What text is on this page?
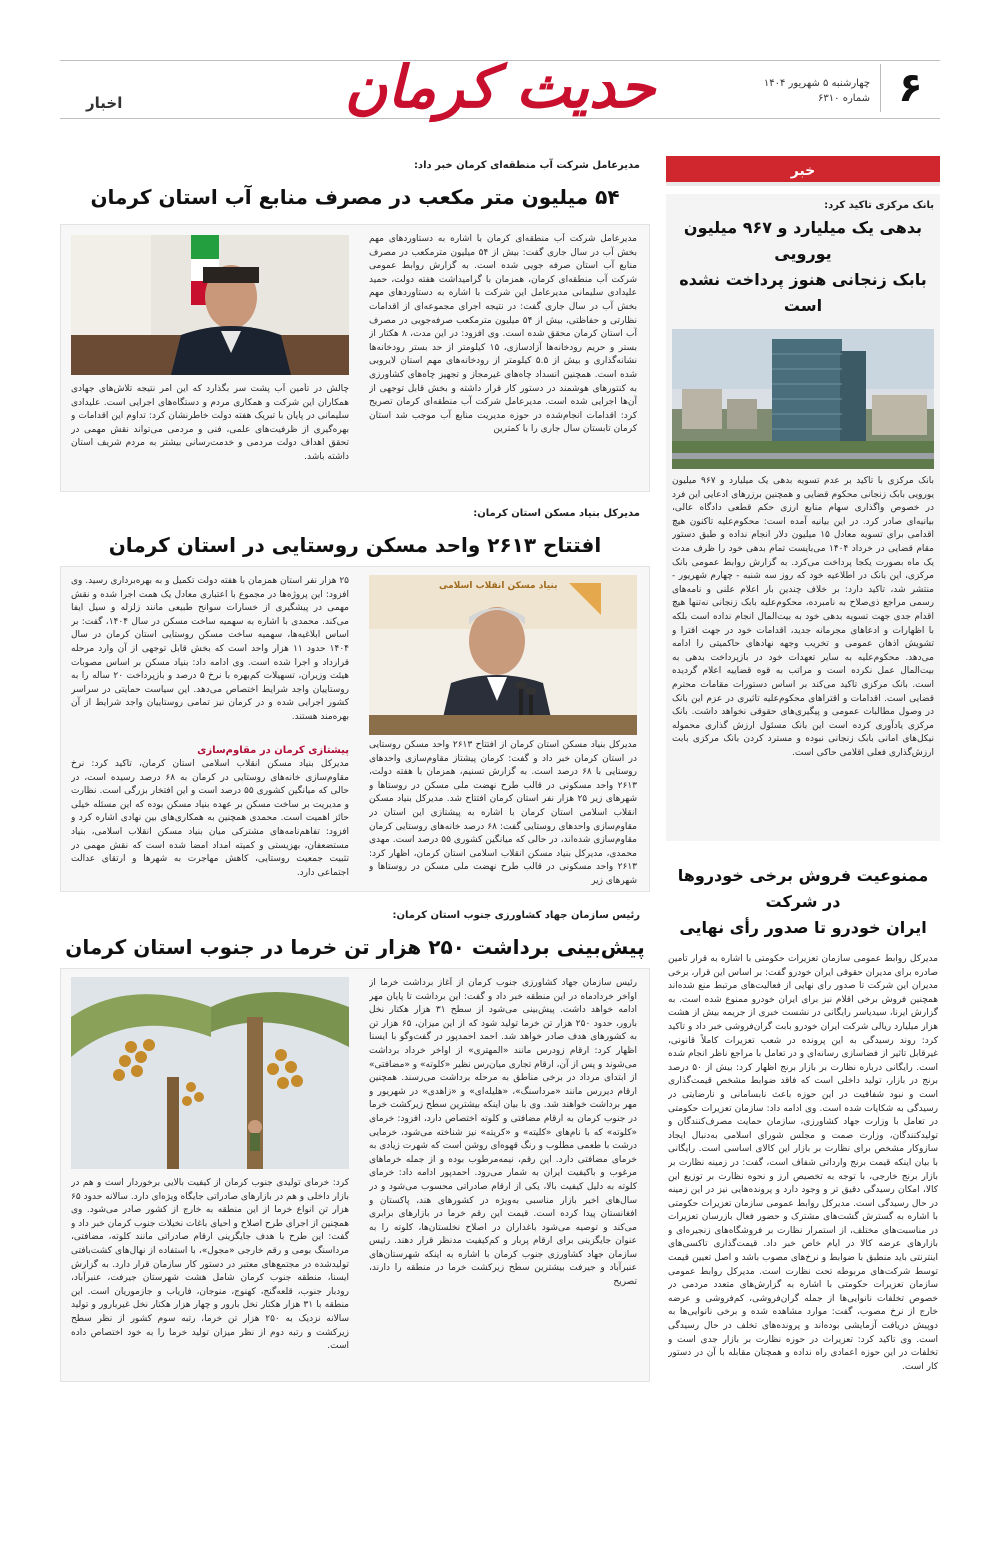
۶
چهارشنبه ۵ شهریور ۱۴۰۴
شماره ۶۳۱۰
حدیث کرمان
اخبار
خبر

بانک مرکزی تاکید کرد:

بدهی یک میلیارد و ۹۶۷ میلیون یورویی

بابک زنجانی هنوز پرداخت نشده است

بانک مرکزی با تاکید بر عدم تسویه بدهی یک میلیارد و ۹۶۷ میلیون یورویی بابک زنجانی محکوم قضایی و همچنین برزرهای ادعایی این فرد در خصوص واگذاری سهام منابع ارزی حکم قطعی دادگاه عالی، بیانیه‌ای صادر کرد. در این بیانیه آمده است: محکوم‌علیه تاکنون هیچ اقدامی برای تسویه معادل ۱۵ میلیون دلار انجام نداده و طبق دستور مقام قضایی در خرداد ۱۴۰۴ می‌بایست تمام بدهی خود را ظرف مدت یک ماه بصورت یکجا پرداخت می‌کرد. به گزارش روابط عمومی بانک مرکزی، این بانک در اطلاعیه خود که روز سه شنبه - چهارم شهریور - منتشر شد، تاکید دارد: بر خلاف چندین بار اعلام علنی و نامه‌های رسمی مراجع ذی‌صلاح به نامبرده، محکوم‌علیه بابک زنجانی نه‌تنها هیچ اقدام جدی جهت تسویه بدهی خود به بیت‌المال انجام نداده است بلکه با اظهارات و ادعاهای مجرمانه جدید، اقدامات خود در جهت افترا و تشویش اذهان عمومی و تخریب وجهه نهادهای حاکمیتی را ادامه می‌دهد. محکوم‌علیه به سایر تعهدات خود در بازپرداخت بدهی به بیت‌المال عمل نکرده است و مراتب به قوه قضاییه اعلام گردیده است. بانک مرکزی تاکید می‌کند بر اساس دستورات مقامات محترم قضایی است. اقدامات و اقتراهای محکوم‌علیه تاثیری در عزم این بانک در وصول مطالبات عمومی و پیگیری‌های حقوقی نخواهد داشت. بانک مرکزی یادآوری کرده است این بانک مسئول ارزش گذاری محموله نیکل‌های امانی بابک زنجانی نبوده و مسترد کردن بانک مرکزی بابت ارزش‌گذاری فعلی اقلامی حاکی است.

ممنوعیت فروش برخی خودروها در شرکت

ایران خودرو تا صدور رأی نهایی

مدیرکل روابط عمومی سازمان تعزیرات حکومتی با اشاره به قرار تأمین صادره برای مدیران حقوقی ایران خودرو گفت: بر اساس این قرار، برخی مدیران این شرکت تا صدور رای نهایی از فعالیت‌های مرتبط منع شده‌اند همچنین فروش برخی اقلام نیز برای ایران خودرو ممنوع شده است. به گزارش ایرنا، سیدیاسر رایگانی در نشست خبری از جریمه بیش از هشت هزار میلیارد ریالی شرکت ایران خودرو بابت گران‌فروشی خبر داد و تاکید کرد: روند رسیدگی به این پرونده در شعب تعزیرات کاملاً قانونی، غیرقابل تاثیر از فضاسازی رسانه‌ای و در تعامل با مراجع ناظر انجام شده است. رایگانی درباره نظارت بر بازار برنج اظهار کرد: بیش از ۵۰ درصد برنج در بازار، تولید داخلی است که فاقد ضوابط مشخص قیمت‌گذاری است و نبود شفافیت در این حوزه باعث نابسامانی و نارضایتی در رسیدگی به شکایات شده است. وی ادامه داد: سازمان تعزیرات حکومتی در تعامل با وزارت جهاد کشاورزی، سازمان حمایت مصرف‌کنندگان و تولیدکنندگان، وزارت صمت و مجلس شورای اسلامی به‌دنبال ایجاد سازوکار مشخص برای نظارت بر بازار این کالای اساسی است. رایگانی با بیان اینکه قیمت برنج وارداتی شفاف است، گفت: در زمینه نظارت بر بازار برنج خارجی، با توجه به تخصیص ارز و نحوه نظارت بر توزیع این کالا، امکان رسیدگی دقیق تر و وجود دارد و پرونده‌هایی نیز در این زمینه در حال رسیدگی است. مدیرکل روابط عمومی سازمان تعزیرات حکومتی با اشاره به گسترش گشت‌های مشترک و حضور فعال بازرسان تعزیرات در مناسبت‌های مختلف، از استمرار نظارت بر فروشگاه‌های زنجیره‌ای و بازارهای عرضه کالا در ایام خاص خبر داد. قیمت‌گذاری تاکسی‌های اینترنتی باید منطبق با ضوابط و نرخ‌های مصوب باشد و اصل تعیین قیمت توسط شرکت‌های مربوطه تحت نظارت است. مدیرکل روابط عمومی سازمان تعزیرات حکومتی با اشاره به گزارش‌های متعدد مردمی در خصوص تخلفات نانوایی‌ها از جمله گران‌فروشی، کم‌فروشی و عرضه خارج از نرخ مصوب، گفت: موارد مشاهده شده و برخی نانوایی‌ها به دوپیش دریافت آزمایشی بوده‌اند و پرونده‌های تخلف در حال رسیدگی است. وی تاکید کرد: تعزیرات در حوزه نظارت بر بازار جدی است و تخلفات در این حوزه اعمادی راه نداده و همچنان مقابله با آن در دستور کار است.

مدیرعامل شرکت آب منطقه‌ای کرمان خبر داد:

۵۴ میلیون متر مکعب در مصرف منابع آب استان کرمان

مدیرعامل شرکت آب منطقه‌ای کرمان با اشاره به دستاوردهای مهم بخش آب در سال جاری گفت: بیش از ۵۴ میلیون مترمکعب در مصرف منابع آب استان صرفه جویی شده است. به گزارش روابط عمومی شرکت آب منطقه‌ای کرمان، همزمان با گرامیداشت هفته دولت، حمید علیدادی سلیمانی مدیرعامل این شرکت با اشاره به دستاوردهای مهم بخش آب در سال جاری گفت: در نتیجه اجرای مجموعه‌ای از اقدامات نظارتی و حفاظتی، بیش از ۵۴ میلیون مترمکعب صرفه‌جویی در مصرف آب استان کرمان محقق شده است. وی افزود: در این مدت، ۸ هکتار از بستر و حریم رودخانه‌ها آزادسازی، ۱۵ کیلومتر از حد بستر رودخانه‌ها نشانه‌گذاری و بیش از ۵.۵ کیلومتر از رودخانه‌های مهم استان لایروبی شده است. همچنین انسداد چاه‌های غیرمجاز و تجهیز چاه‌های کشاورزی به کنتورهای هوشمند در دستور کار قرار داشته و بخش قابل توجهی از آن‌ها اجرایی شده است. مدیرعامل شرکت آب منطقه‌ای کرمان تصریح کرد: اقدامات انجام‌شده در حوزه مدیریت منابع آب موجب شد استان کرمان تابستان سال جاری را با کمترین

چالش در تأمین آب پشت سر بگذارد که این امر نتیجه تلاش‌های جهادی همکاران این شرکت و همکاری مردم و دستگاه‌های اجرایی است. علیدادی سلیمانی در پایان با تبریک هفته دولت خاطرنشان کرد: تداوم این اقدامات و بهره‌گیری از ظرفیت‌های علمی، فنی و مردمی می‌تواند نقش مهمی در تحقق اهداف دولت مردمی و خدمت‌رسانی بیشتر به مردم شریف استان داشته باشد.

مدیرکل بنیاد مسکن استان کرمان:

افتتاح ۲۶۱۳ واحد مسکن روستایی در استان کرمان

بنیاد مسکن انقلاب اسلامی

مدیرکل بنیاد مسکن استان کرمان از افتتاح ۲۶۱۳ واحد مسکن روستایی در استان کرمان خبر داد و گفت: کرمان پیشتاز مقاوم‌سازی واحدهای روستایی با ۶۸ درصد است. به گزارش تسنیم، همزمان با هفته دولت، ۲۶۱۳ واحد مسکونی در قالب طرح نهضت ملی مسکن در روستاها و شهرهای زیر ۲۵ هزار نفر استان کرمان افتتاح شد. مدیرکل بنیاد مسکن انقلاب اسلامی استان کرمان با اشاره به پیشتازی این استان در مقاوم‌سازی واحدهای روستایی گفت: ۶۸ درصد خانه‌های روستایی کرمان مقاوم‌سازی شده‌اند، در حالی که میانگین کشوری ۵۵ درصد است. مهدی محمدی، مدیرکل بنیاد مسکن انقلاب اسلامی استان کرمان، اظهار کرد: ۲۶۱۳ واحد مسکونی در قالب طرح نهضت ملی مسکن در روستاها و شهرهای زیر

۲۵ هزار نفر استان همزمان با هفته دولت تکمیل و به بهره‌برداری رسید. وی افزود: این پروژه‌ها در مجموع با اعتباری معادل یک همت اجرا شده و نقش مهمی در پیشگیری از خسارات سوانح طبیعی مانند زلزله و سیل ایفا می‌کند. محمدی با اشاره به سهمیه ساخت مسکن در سال ۱۴۰۴، گفت: بر اساس ابلاغیه‌ها، سهمیه ساخت مسکن روستایی استان کرمان در سال ۱۴۰۴ حدود ۱۱ هزار واحد است که بخش قابل توجهی از آن وارد مرحله قرارداد و اجرا شده است. وی ادامه داد: بنیاد مسکن بر اساس مصوبات هیئت وزیران، تسهیلات کم‌بهره با نرخ ۵ درصد و بازپرداخت ۲۰ ساله را به روستاییان واجد شرایط اختصاص می‌دهد. این سیاست حمایتی در سراسر کشور اجرایی شده و در کرمان نیز تمامی روستاییان واجد شرایط از آن بهره‌مند هستند.

پیشتازی کرمان در مقاوم‌سازی

مدیرکل بنیاد مسکن انقلاب اسلامی استان کرمان، تاکید کرد: نرخ مقاوم‌سازی خانه‌های روستایی در کرمان به ۶۸ درصد رسیده است، در حالی که میانگین کشوری ۵۵ درصد است و این افتخار بزرگی است. نظارت و مدیریت بر ساخت مسکن بر عهده بنیاد مسکن بوده که این مسئله خیلی حائز اهمیت است. محمدی همچنین به همکاری‌های بین نهادی اشاره کرد و افزود: تفاهم‌نامه‌های مشترکی میان بنیاد مسکن انقلاب اسلامی، بنیاد مستضعفان، بهزیستی و کمیته امداد امضا شده است که نقش مهمی در تثبیت جمعیت روستایی، کاهش مهاجرت به شهرها و ارتقای عدالت اجتماعی دارد.

رئیس سازمان جهاد کشاورزی جنوب استان کرمان:

پیش‌بینی برداشت ۲۵۰ هزار تن خرما در جنوب استان کرمان

رئیس سازمان جهاد کشاورزی جنوب کرمان از آغاز برداشت خرما از اواخر خردادماه در این منطقه خبر داد و گفت: این برداشت تا پایان مهر ادامه خواهد داشت. پیش‌بینی می‌شود از سطح ۳۱ هزار هکتار نخل بارور، حدود ۲۵۰ هزار تن خرما تولید شود که از این میزان، ۶۵ هزار تن به کشورهای هدف صادر خواهد شد. احمد احمدپور در گفت‌وگو با ایسنا اظهار کرد: ارقام زودرس مانند «المهتری» از اواخر خرداد برداشت می‌شوند و پس از آن، ارقام تجاری میان‌رس نظیر «کلوته» و «مضافتی» از ابتدای مرداد در برخی مناطق به مرحله برداشت می‌رسند. همچنین ارقام دیررس مانند «مرداسنگ»، «هلیله‌ای» و «زاهدی» در شهریور و مهر برداشت خواهند شد. وی با بیان اینکه بیشترین سطح زیرکشت خرما در جنوب کرمان به ارقام مضافتی و کلوته اختصاص دارد، افزود: خرمای «کلوته» که با نام‌های «کلیته» و «کریته» نیز شناخته می‌شود، خرمایی درشت با طعمی مطلوب و رنگ قهوه‌ای روشن است که شهرت زیادی به خرمای مضافتی دارد. این رقم، نیمه‌مرطوب بوده و از جمله خرماهای مرغوب و باکیفیت ایران به شمار می‌رود. احمدپور ادامه داد: خرمای کلوته به دلیل کیفیت بالا، یکی از ارقام صادراتی محسوب می‌شود و در سال‌های اخیر بازار مناسبی به‌ویژه در کشورهای هند، پاکستان و افغانستان پیدا کرده است. قیمت این رقم خرما در بازارهای برابری می‌کند و توصیه می‌شود باغداران در اصلاح نخلستان‌ها، کلوته را به عنوان جایگزینی برای ارقام پربار و کم‌کیفیت مدنظر قرار دهند. رئیس سازمان جهاد کشاورزی جنوب کرمان با اشاره به اینکه شهرستان‌های عنبرآباد و جیرفت بیشترین سطح زیرکشت خرما در منطقه را دارند، تصریح

کرد: خرمای تولیدی جنوب کرمان از کیفیت بالایی برخوردار است و هم در بازار داخلی و هم در بازارهای صادراتی جایگاه ویژه‌ای دارد. سالانه حدود ۶۵ هزار تن انواع خرما از این منطقه به خارج از کشور صادر می‌شود. وی همچنین از اجرای طرح اصلاح و احیای باغات نخیلات جنوب کرمان خبر داد و گفت: این طرح با هدف جایگزینی ارقام صادراتی مانند کلوته، مضافتی، مرداسنگ بومی و رقم خارجی «مجول»، با استفاده از نهال‌های کشت‌بافتی تولیدشده در مجتمع‌های معتبر در دستور کار سازمان قرار دارد. به گزارش ایسنا، منطقه جنوب کرمان شامل هشت شهرستان جیرفت، عنبرآباد، رودبار جنوب، قلعه‌گنج، کهنوج، منوجان، فاریاب و جازموریان است. این منطقه با ۳۱ هزار هکتار نخل بارور و چهار هزار هکتار نخل غیربارور و تولید سالانه نزدیک به ۲۵۰ هزار تن خرما، رتبه سوم کشور از نظر سطح زیرکشت و رتبه دوم از نظر میزان تولید خرما را به خود اختصاص داده است.
